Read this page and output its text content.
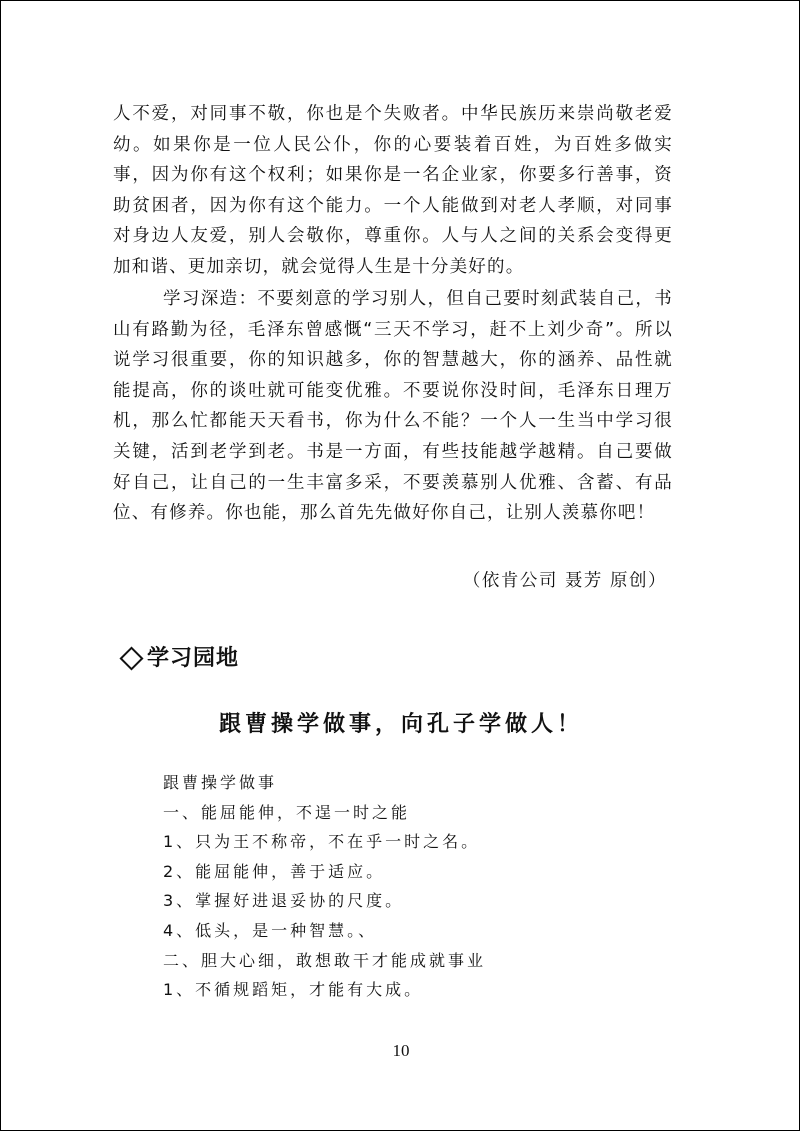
人不爱，对同事不敬，你也是个失败者。中华民族历来崇尚敬老爱幼。如果你是一位人民公仆，你的心要装着百姓，为百姓多做实事，因为你有这个权利；如果你是一名企业家，你要多行善事，资助贫困者，因为你有这个能力。一个人能做到对老人孝顺，对同事对身边人友爱，别人会敬你，尊重你。人与人之间的关系会变得更加和谐、更加亲切，就会觉得人生是十分美好的。

学习深造：不要刻意的学习别人，但自己要时刻武装自己，书山有路勤为径，毛泽东曾感慨“三天不学习，赶不上刘少奇”。所以说学习很重要，你的知识越多，你的智慧越大，你的涵养、品性就能提高，你的谈吐就可能变优雅。不要说你没时间，毛泽东日理万机，那么忙都能天天看书，你为什么不能？一个人一生当中学习很关键，活到老学到老。书是一方面，有些技能越学越精。自己要做好自己，让自己的一生丰富多采，不要羡慕别人优雅、含蓄、有品位、有修养。你也能，那么首先先做好你自己，让别人羡慕你吧！

（依肯公司 聂芳 原创）
学习园地
跟曹操学做事，向孔子学做人！
跟曹操学做事
一、能屈能伸，不逞一时之能
1、只为王不称帝，不在乎一时之名。
2、能屈能伸，善于适应。
3、掌握好进退妥协的尺度。
4、低头，是一种智慧。、
二、胆大心细，敢想敢干才能成就事业
1、不循规蹈矩，才能有大成。
10
